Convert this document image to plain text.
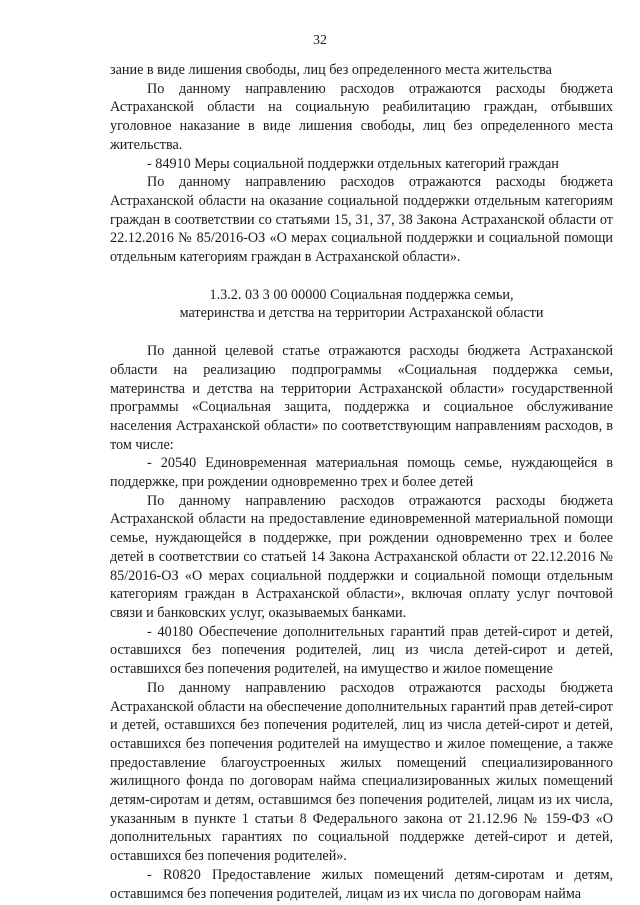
32

зание в виде лишения свободы, лиц без определенного места жительства

По данному направлению расходов отражаются расходы бюджета Астраханской области на социальную реабилитацию граждан, отбывших уголовное наказание в виде лишения свободы, лиц без определенного места жительства.

- 84910 Меры социальной поддержки отдельных категорий граждан

По данному направлению расходов отражаются расходы бюджета Астраханской области на оказание социальной поддержки отдельным категориям граждан в соответствии со статьями 15, 31, 37, 38 Закона Астраханской области от 22.12.2016 № 85/2016-ОЗ «О мерах социальной поддержки и социальной помощи отдельным категориям граждан в Астраханской области».

1.3.2. 03 3 00 00000 Социальная поддержка семьи,
материнства и детства на территории Астраханской области

По данной целевой статье отражаются расходы бюджета Астраханской области на реализацию подпрограммы «Социальная поддержка семьи, материнства и детства на территории Астраханской области» государственной программы «Социальная защита, поддержка и социальное обслуживание населения Астраханской области» по соответствующим направлениям расходов, в том числе:

- 20540 Единовременная материальная помощь семье, нуждающейся в поддержке, при рождении одновременно трех и более детей

По данному направлению расходов отражаются расходы бюджета Астраханской области на предоставление единовременной материальной помощи семье, нуждающейся в поддержке, при рождении одновременно трех и более детей в соответствии со статьей 14 Закона Астраханской области от 22.12.2016 № 85/2016-ОЗ «О мерах социальной поддержки и социальной помощи отдельным категориям граждан в Астраханской области», включая оплату услуг почтовой связи и банковских услуг, оказываемых банками.

- 40180 Обеспечение дополнительных гарантий прав детей-сирот и детей, оставшихся без попечения родителей, лиц из числа детей-сирот и детей, оставшихся без попечения родителей, на имущество и жилое помещение

По данному направлению расходов отражаются расходы бюджета Астраханской области на обеспечение дополнительных гарантий прав детей-сирот и детей, оставшихся без попечения родителей, лиц из числа детей-сирот и детей, оставшихся без попечения родителей на имущество и жилое помещение, а также предоставление благоустроенных жилых помещений специализированного жилищного фонда по договорам найма специализированных жилых помещений детям-сиротам и детям, оставшимся без попечения родителей, лицам из их числа, указанным в пункте 1 статьи 8 Федерального закона от 21.12.96 № 159-ФЗ «О дополнительных гарантиях по социальной поддержке детей-сирот и детей, оставшихся без попечения родителей».

- R0820 Предоставление жилых помещений детям-сиротам и детям, оставшимся без попечения родителей, лицам из их числа по договорам найма
